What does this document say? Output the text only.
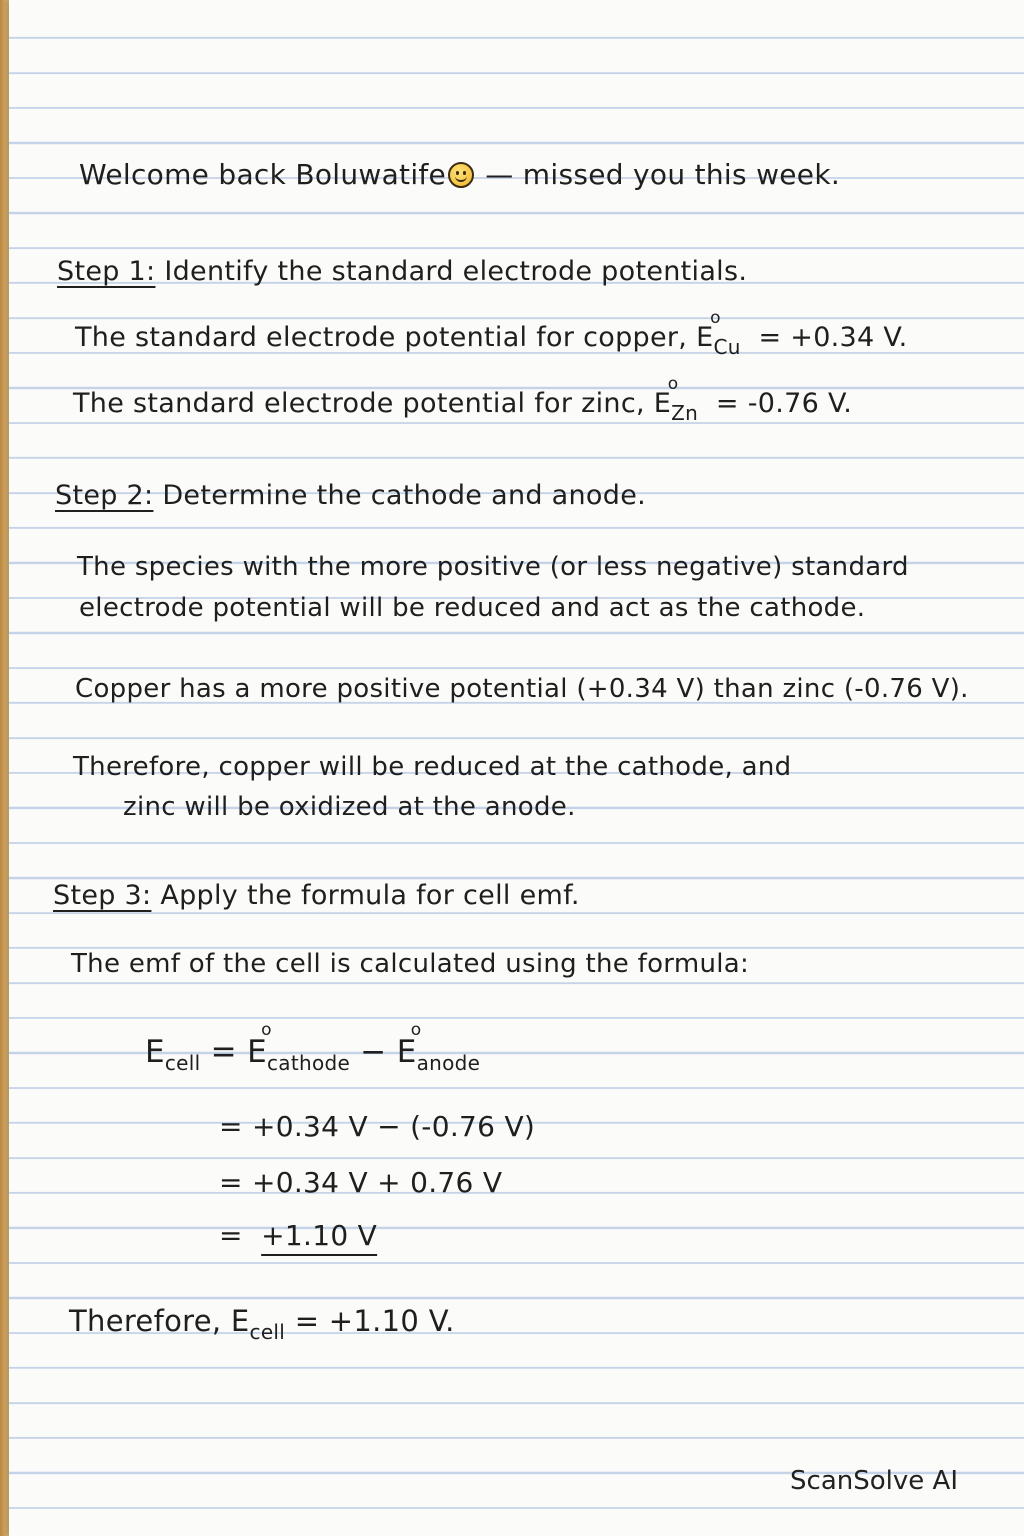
Welcome back Boluwatife — missed you this week.
Step 1: Identify the standard electrode potentials.
The standard electrode potential for copper, E
o
$_{Cu}$ = +0.34 V.
The standard electrode potential for zinc, E
o
$_{Zn}$ = -0.76 V.
Step 2: Determine the cathode and anode.
The species with the more positive (or less negative) standard
electrode potential will be reduced and act as the cathode.
Copper has a more positive potential (+0.34 V) than zinc (-0.76 V).
Therefore, copper will be reduced at the cathode, and
zinc will be oxidized at the anode.
Step 3: Apply the formula for cell emf.
The emf of the cell is calculated using the formula:
$E_{cell} = E$
o
$_{cathode}$ − E
o
$_{anode}$
= +0.34 V − (-0.76 V)
= +0.34 V + 0.76 V
= +1.10 V
Therefore, $E_{cell} = +1.10$ V.
ScanSolve AI
